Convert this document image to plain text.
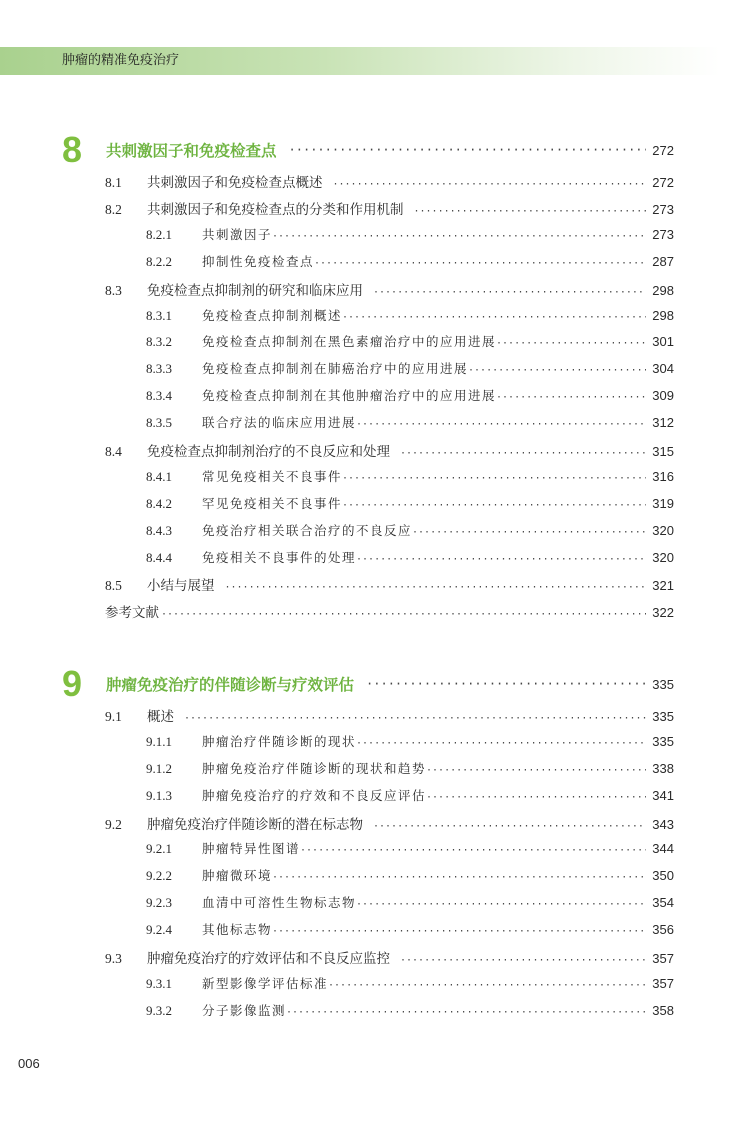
肿瘤的精准免疫治疗
8	共刺激因子和免疫检查点 ·····	272
8.1	共刺激因子和免疫检查点概述 ·····	272
8.2	共刺激因子和免疫检查点的分类和作用机制 ·····	273
8.2.1	共刺激因子 ·····	273
8.2.2	抑制性免疫检查点 ·····	287
8.3	免疫检查点抑制剂的研究和临床应用 ·····	298
8.3.1	免疫检查点抑制剂概述 ·····	298
8.3.2	免疫检查点抑制剂在黑色素瘤治疗中的应用进展 ·····	301
8.3.3	免疫检查点抑制剂在肺癌治疗中的应用进展 ·····	304
8.3.4	免疫检查点抑制剂在其他肿瘤治疗中的应用进展 ·····	309
8.3.5	联合疗法的临床应用进展 ·····	312
8.4	免疫检查点抑制剂治疗的不良反应和处理 ·····	315
8.4.1	常见免疫相关不良事件 ·····	316
8.4.2	罕见免疫相关不良事件 ·····	319
8.4.3	免疫治疗相关联合治疗的不良反应 ·····	320
8.4.4	免疫相关不良事件的处理 ·····	320
8.5	小结与展望 ·····	321
参考文献 ·····	322
9	肿瘤免疫治疗的伴随诊断与疗效评估 ·····	335
9.1	概述 ·····	335
9.1.1	肿瘤治疗伴随诊断的现状 ·····	335
9.1.2	肿瘤免疫治疗伴随诊断的现状和趋势 ·····	338
9.1.3	肿瘤免疫治疗的疗效和不良反应评估 ·····	341
9.2	肿瘤免疫治疗伴随诊断的潜在标志物 ·····	343
9.2.1	肿瘤特异性图谱 ·····	344
9.2.2	肿瘤微环境 ·····	350
9.2.3	血清中可溶性生物标志物 ·····	354
9.2.4	其他标志物 ·····	356
9.3	肿瘤免疫治疗的疗效评估和不良反应监控 ·····	357
9.3.1	新型影像学评估标准 ·····	357
9.3.2	分子影像监测 ·····	358
006
